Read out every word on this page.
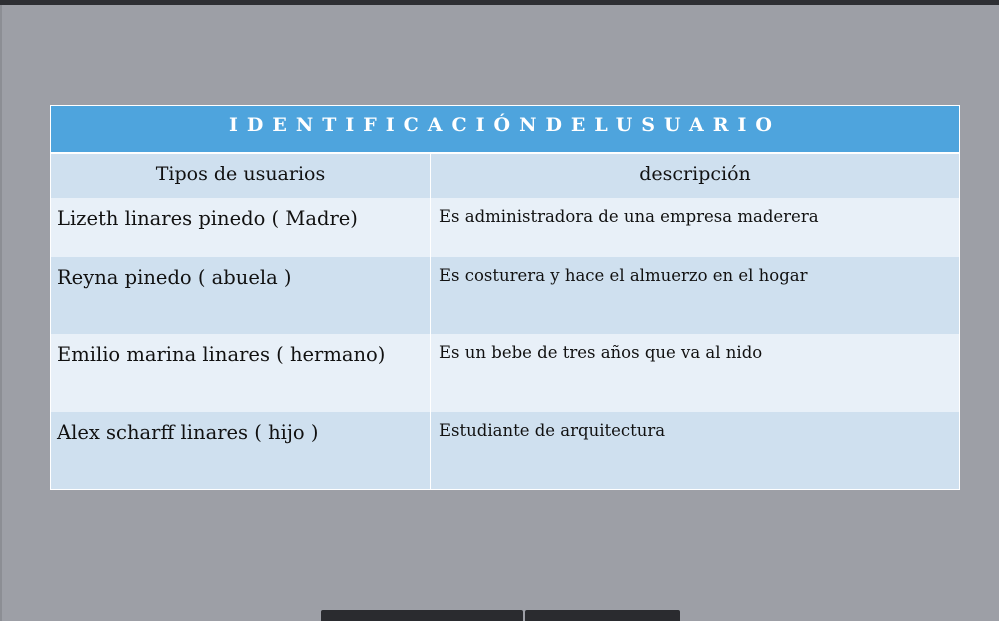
IDENTIFICACIÓNDELUSUARIO
Tipos de usuarios	descripción
Lizeth linares pinedo ( Madre)	Es administradora de una empresa maderera
Reyna pinedo ( abuela )	Es costurera y hace el almuerzo en el hogar
Emilio marina linares ( hermano)	Es un bebe de tres años que va al nido
Alex scharff linares ( hijo )	Estudiante de arquitectura
